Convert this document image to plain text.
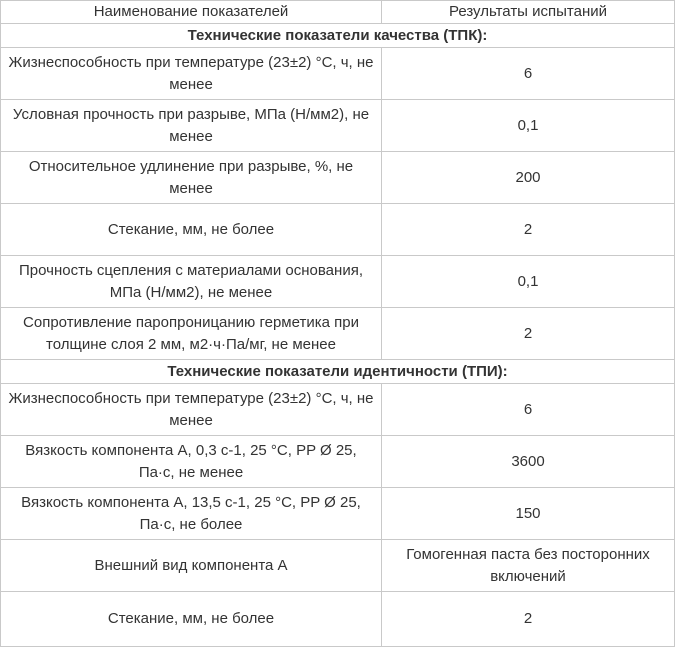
Наименование показателей	Результаты испытаний
Технические показатели качества (ТПК):	
Жизнеспособность при температуре (23±2) °С, ч, не менее	6
Условная прочность при разрыве, МПа (Н/мм2), не менее	0,1
Относительное удлинение при разрыве, %, не менее	200
Стекание, мм, не более	2
Прочность сцепления с материалами основания, МПа (Н/мм2), не менее	0,1
Сопротивление паропроницанию герметика при толщине слоя 2 мм, м2·ч·Па/мг, не менее	2
Технические показатели идентичности (ТПИ):	
Жизнеспособность при температуре (23±2) °С, ч, не менее	6
Вязкость компонента А, 0,3 с-1, 25 °С, PP Ø 25, Па·с, не менее	3600
Вязкость компонента А, 13,5 с-1, 25 °С, PP Ø 25, Па·с, не более	150
Внешний вид компонента А	Гомогенная паста без посторонних включений
Стекание, мм, не более	2
